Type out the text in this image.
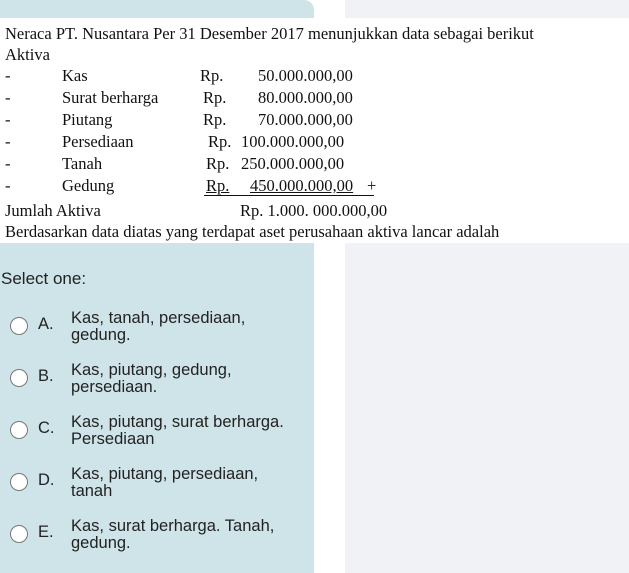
Neraca PT. Nusantara Per 31 Desember 2017 menunjukkan data sebagai berikut
Aktiva
-	Kas	Rp. 50.000.000,00
-	Surat berharga	Rp. 80.000.000,00
-	Piutang	Rp. 70.000.000,00
-	Persediaan	Rp. 100.000.000,00
-	Tanah	Rp. 250.000.000,00
-	Gedung	Rp. 450.000.000,00 +
Jumlah Aktiva	Rp. 1.000. 000.000,00
Berdasarkan data diatas yang terdapat aset perusahaan aktiva lancar adalah
Select one:
A. Kas, tanah, persediaan, gedung.
B. Kas, piutang, gedung, persediaan.
C. Kas, piutang, surat berharga. Persediaan
D. Kas, piutang, persediaan, tanah
E. Kas, surat berharga. Tanah, gedung.
